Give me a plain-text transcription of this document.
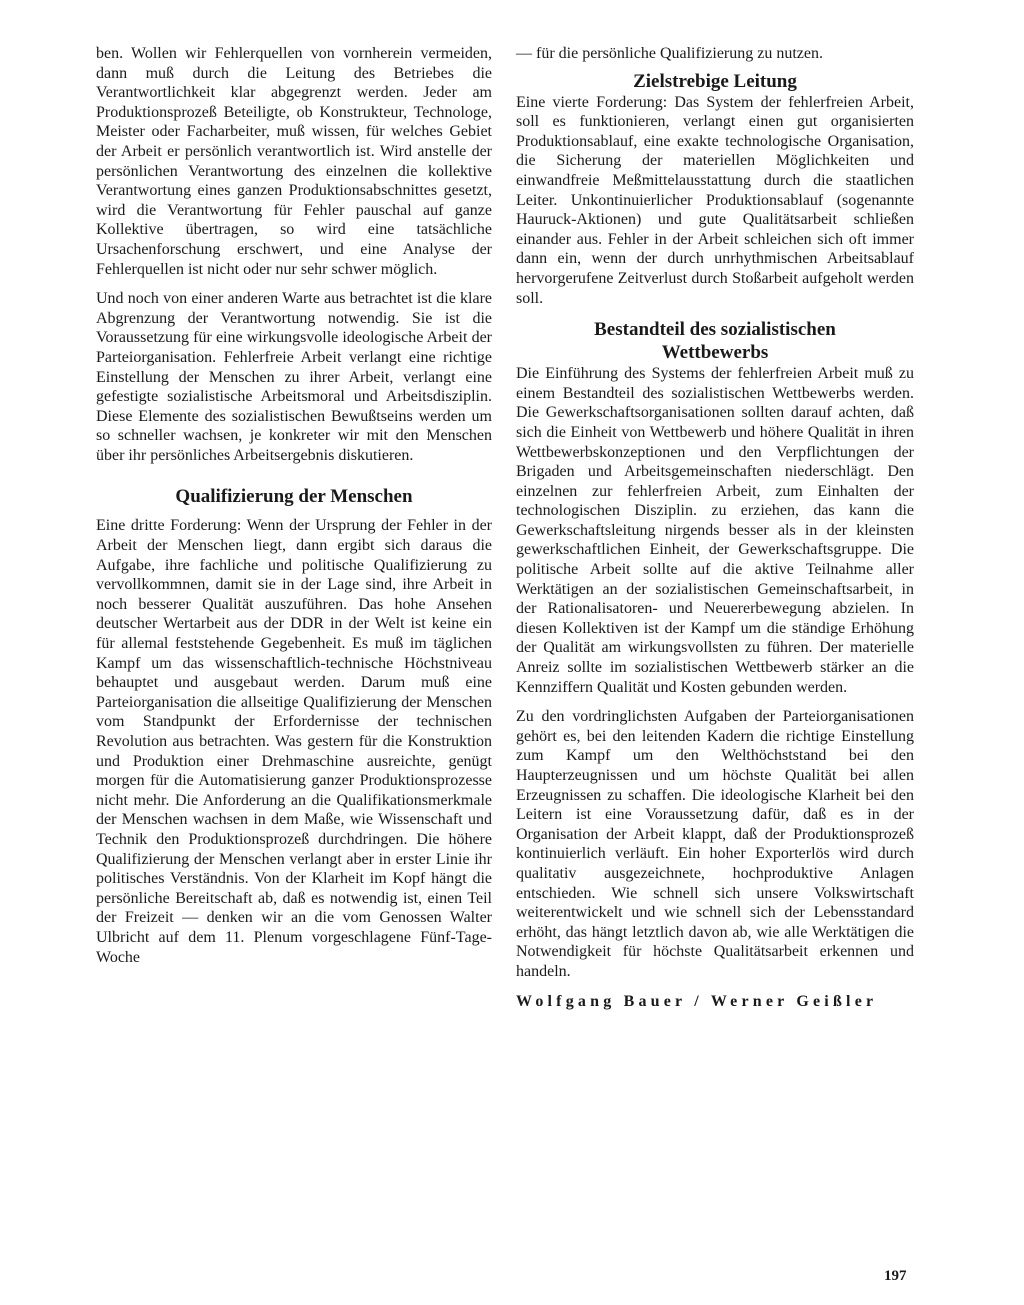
ben. Wollen wir Fehlerquellen von vornherein vermeiden, dann muß durch die Leitung des Betriebes die Verantwortlichkeit klar abgegrenzt werden. Jeder am Produktionsprozeß Beteiligte, ob Konstrukteur, Technologe, Meister oder Facharbeiter, muß wissen, für welches Gebiet der Arbeit er persönlich verantwortlich ist. Wird anstelle der persönlichen Verantwortung des einzelnen die kollektive Verantwortung eines ganzen Produktionsabschnittes gesetzt, wird die Verantwortung für Fehler pauschal auf ganze Kollektive übertragen, so wird eine tatsächliche Ursachenforschung erschwert, und eine Analyse der Fehlerquellen ist nicht oder nur sehr schwer möglich.

Und noch von einer anderen Warte aus betrachtet ist die klare Abgrenzung der Verantwortung notwendig. Sie ist die Voraussetzung für eine wirkungsvolle ideologische Arbeit der Parteiorganisation. Fehlerfreie Arbeit verlangt eine richtige Einstellung der Menschen zu ihrer Arbeit, verlangt eine gefestigte sozialistische Arbeitsmoral und Arbeitsdisziplin. Diese Elemente des sozialistischen Bewußtseins werden um so schneller wachsen, je konkreter wir mit den Menschen über ihr persönliches Arbeitsergebnis diskutieren.

Qualifizierung der Menschen

Eine dritte Forderung: Wenn der Ursprung der Fehler in der Arbeit der Menschen liegt, dann ergibt sich daraus die Aufgabe, ihre fachliche und politische Qualifizierung zu vervollkommnen, damit sie in der Lage sind, ihre Arbeit in noch besserer Qualität auszuführen. Das hohe Ansehen deutscher Wertarbeit aus der DDR in der Welt ist keine ein für allemal feststehende Gegebenheit. Es muß im täglichen Kampf um das wissenschaftlich-technische Höchstniveau behauptet und ausgebaut werden. Darum muß eine Parteiorganisation die allseitige Qualifizierung der Menschen vom Standpunkt der Erfordernisse der technischen Revolution aus betrachten. Was gestern für die Konstruktion und Produktion einer Drehmaschine ausreichte, genügt morgen für die Automatisierung ganzer Produktionsprozesse nicht mehr. Die Anforderung an die Qualifikationsmerkmale der Menschen wachsen in dem Maße, wie Wissenschaft und Technik den Produktionsprozeß durchdringen. Die höhere Qualifizierung der Menschen verlangt aber in erster Linie ihr politisches Verständnis. Von der Klarheit im Kopf hängt die persönliche Bereitschaft ab, daß es notwendig ist, einen Teil der Freizeit — denken wir an die vom Genossen Walter Ulbricht auf dem 11. Plenum vorgeschlagene Fünf-Tage-Woche

— für die persönliche Qualifizierung zu nutzen.

Zielstrebige Leitung

Eine vierte Forderung: Das System der fehlerfreien Arbeit, soll es funktionieren, verlangt einen gut organisierten Produktionsablauf, eine exakte technologische Organisation, die Sicherung der materiellen Möglichkeiten und einwandfreie Meßmittelausstattung durch die staatlichen Leiter. Unkontinuierlicher Produktionsablauf (sogenannte Hauruck-Aktionen) und gute Qualitätsarbeit schließen einander aus. Fehler in der Arbeit schleichen sich oft immer dann ein, wenn der durch unrhythmischen Arbeitsablauf hervorgerufene Zeitverlust durch Stoßarbeit aufgeholt werden soll.

Bestandteil des sozialistischen
Wettbewerbs

Die Einführung des Systems der fehlerfreien Arbeit muß zu einem Bestandteil des sozialistischen Wettbewerbs werden. Die Gewerkschaftsorganisationen sollten darauf achten, daß sich die Einheit von Wettbewerb und höhere Qualität in ihren Wettbewerbskonzeptionen und den Verpflichtungen der Brigaden und Arbeitsgemeinschaften niederschlägt. Den einzelnen zur fehlerfreien Arbeit, zum Einhalten der technologischen Disziplin. zu erziehen, das kann die Gewerkschaftsleitung nirgends besser als in der kleinsten gewerkschaftlichen Einheit, der Gewerkschaftsgruppe. Die politische Arbeit sollte auf die aktive Teilnahme aller Werktätigen an der sozialistischen Gemeinschaftsarbeit, in der Rationalisatoren- und Neuererbewegung abzielen. In diesen Kollektiven ist der Kampf um die ständige Erhöhung der Qualität am wirkungsvollsten zu führen. Der materielle Anreiz sollte im sozialistischen Wettbewerb stärker an die Kennziffern Qualität und Kosten gebunden werden.

Zu den vordringlichsten Aufgaben der Parteiorganisationen gehört es, bei den leitenden Kadern die richtige Einstellung zum Kampf um den Welthöchststand bei den Haupterzeugnissen und um höchste Qualität bei allen Erzeugnissen zu schaffen. Die ideologische Klarheit bei den Leitern ist eine Voraussetzung dafür, daß es in der Organisation der Arbeit klappt, daß der Produktionsprozeß kontinuierlich verläuft. Ein hoher Exporterlös wird durch qualitativ ausgezeichnete, hochproduktive Anlagen entschieden. Wie schnell sich unsere Volkswirtschaft weiterentwickelt und wie schnell sich der Lebensstandard erhöht, das hängt letztlich davon ab, wie alle Werktätigen die Notwendigkeit für höchste Qualitätsarbeit erkennen und handeln.

Wolfgang Bauer / Werner Geißler

197
